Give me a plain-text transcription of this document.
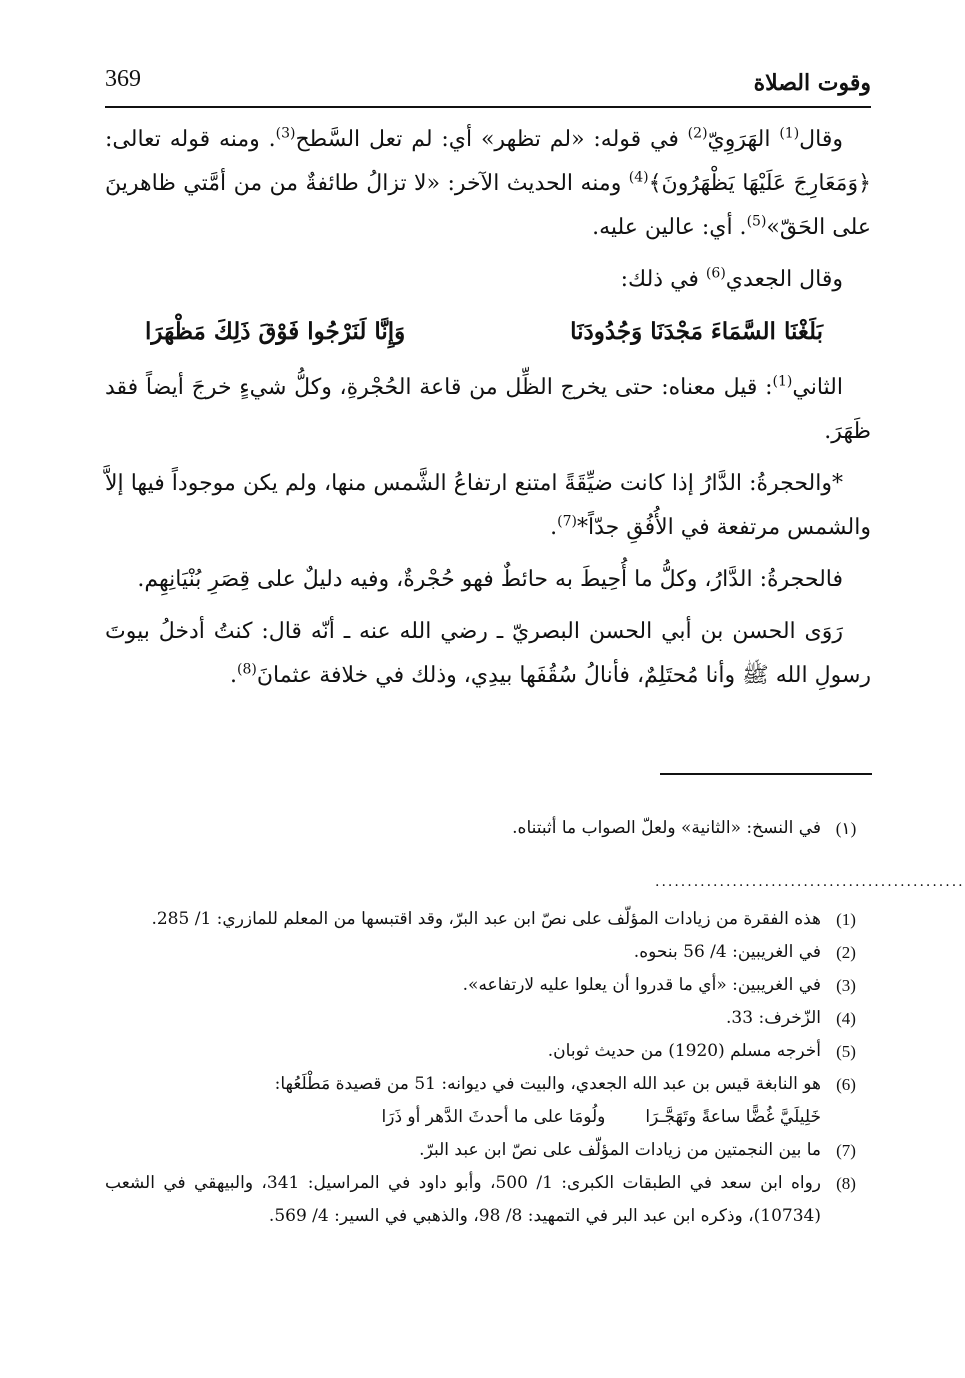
369	وقوت الصلاة

وقال$^{(1)}$ الهَرَوِيّ$^{(2)}$ في قوله: «لم تظهر» أي: لم تعل السَّطح$^{(3)}$. ومنه قوله تعالى: ﴿وَمَعَارِجَ عَلَيْهَا يَظْهَرُونَ﴾$^{(4)}$ ومنه الحديث الآخر: «لا تزالُ طائفةٌ من من أمَّتي ظاهرينَ على الحَقّ»$^{(5)}$. أي: عالين عليه.

وقال الجعدي$^{(6)}$ في ذلك:

بَلَغْنَا السَّمَاءَ مَجْدَنَا وَجُدُودَنَا
وَإِنَّا لَنَرْجُوا فَوْقَ ذَلِكَ مَظْهَرَا

الثاني$^{(1)}$: قيل معناه: حتى يخرج الظِّل من قاعة الحُجْرةِ، وكلُّ شيءٍ خرجَ أيضاً فقد ظَهَرَ.

*والحجرةُ: الدَّارُ إذا كانت ضيِّقَةً امتنع ارتفاعُ الشَّمس منها، ولم يكن موجوداً فيها إلاَّ والشمس مرتفعة في الأُفُقِ جدّاً*$^{(7)}$.

فالحجرةُ: الدَّارُ، وكلُّ ما أُحِيطَ به حائطٌ فهو حُجْرةٌ، وفيه دليلٌ على قِصَرِ بُنْيَانِهِم.

رَوَى الحسن بن أبي الحسن البصريّ ـ رضي الله عنه ـ أنّه قال: كنتُ أدخلُ بيوتَ رسولِ الله ﷺ وأنا مُحتَلِمٌ، فأنالُ سُقُفَها بيدِي، وذلك في خلافة عثمانَ$^{(8)}$.

(١)
في النسخ: «الثانية» ولعلّ الصواب ما أثبتناه.
................................................
(1)
هذه الفقرة من زيادات المؤلّف على نصّ ابن عبد البرّ، وقد اقتبسها من المعلم للمازري: 1/ 285.
(2)
في الغريبين: 4/ 56 بنحوه.
(3)
في الغريبين: «أي ما قدروا أن يعلوا عليه لارتفاعه».
(4)
الزّخرف: 33.
(5)
أخرجه مسلم (1920) من حديث ثوبان.
(6)
هو النابغة قيس بن عبد الله الجعدي، والبيت في ديوانه: 51 من قصيدة مَطْلَعُها:
خَلِيلَيَّ غُضًّا ساعةً وتَهَجَّـرَا
ولُومَا على ما أحدثَ الدَّهر أو ذَرَا
(7)
ما بين النجمتين من زيادات المؤلّف على نصّ ابن عبد البرّ.
(8)
رواه ابن سعد في الطبقات الكبرى: 1/ 500، وأبو داود في المراسيل: 341، والبيهقي في الشعب (10734)، وذكره ابن عبد البر في التمهيد: 8/ 98، والذهبي في السير: 4/ 569.
